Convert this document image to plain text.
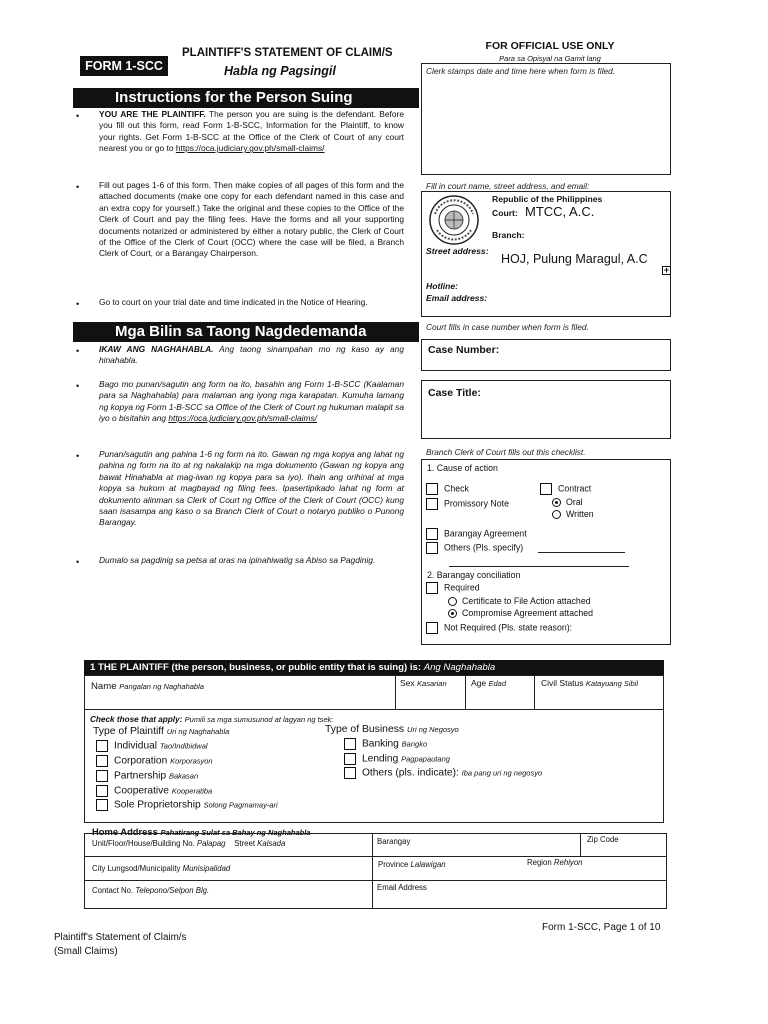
FORM 1-SCC
PLAINTIFF'S STATEMENT OF CLAIM/S
Habla ng Pagsingil
FOR OFFICIAL USE ONLY
Para sa Opisyal na Gamit lang
Instructions for the Person Suing
• YOU ARE THE PLAINTIFF. The person you are suing is the defendant. Before you fill out this form, read Form 1-B-SCC, Information for the Plaintiff, to know your rights. Get Form 1-B-SCC at the Office of the Clerk of Court of any court nearest you or go to https://oca.judiciary.gov.ph/small-claims/
• Fill out pages 1-6 of this form. Then make copies of all pages of this form and the attached documents (make one copy for each defendant named in this case and an extra copy for yourself.) Take the original and these copies to the Office of the Clerk of Court and pay the filing fees. Have the forms and all your supporting documents notarized or administered by either a notary public, the Clerk of Court of the Office of the Clerk of Court (OCC) where the case will be filed, a Branch Clerk of Court, or a Barangay Chairperson.
• Go to court on your trial date and time indicated in the Notice of Hearing.
Mga Bilin sa Taong Nagdedemanda
• IKAW ANG NAGHAHABLA. Ang taong sinampahan mo ng kaso ay ang hinahabla.
• Bago mo punan/sagutin ang form na ito, basahin ang Form 1-B-SCC (Kaalaman para sa Naghahabla) para malaman ang iyong mga karapatan. Kumuha lamang ng kopya ng Form 1-B-SCC sa Office of the Clerk of Court ng hukuman malapit sa iyo o bisitahin ang https://oca.judiciary.gov.ph/small-claims/
• Punan/sagutin ang pahina 1-6 ng form na ito. Gawan ng mga kopya ang lahat ng pahina ng form na ito at ng nakalakip na mga dokumento (Gawan ng kopya ang bawat Hinahabla at mag-iwan ng kopya para sa iyo). Ihain ang orihinal at mga kopya sa hukom at magbayad ng filing fees. Ipasertipikado lahat ng form at dokumento alinman sa Clerk of Court ng Office of the Clerk of Court (OCC) kung saan isasampa ang kaso o sa Branch Clerk of Court o notaryo publiko o Punong Barangay.
• Dumalo sa pagdinig sa petsa at oras na ipinahiwatig sa Abiso sa Pagdinig.
Clerk stamps date and time here when form is filed.
Fill in court name, street address, and email:
Republic of the Philippines
Court: MTCC, A.C.
Branch:
Street address:
HOJ, Pulung Maragul, A.C
+
Hotline:
Email address:
Court fills in case number when form is filed.
Case Number:
Case Title:
Branch Clerk of Court fills out this checklist.
1. Cause of action
Check
Promissory Note
Contract
Oral
Written
Barangay Agreement
Others (Pls. specify)
2. Barangay conciliation
Required
Certificate to File Action attached
Compromise Agreement attached
Not Required (Pls. state reason):
1 THE PLAINTIFF (the person, business, or public entity that is suing) is: Ang Naghahabla
Name Pangalan ng Naghahabla	Sex Kasarian	Age Edad	Civil Status Katayuang Sibil
Check those that apply: Pumili sa mga sumusunod at lagyan ng tsek:
Type of Plaintiff Uri ng Naghahabla
Individual Tao/Indibidwal
Corporation Korporasyon
Partnership Bakasan
Cooperative Kooperatiba
Sole Proprietorship Solong Pagmamay-ari
Type of Business Uri ng Negosyo
Banking Bangko
Lending Pagpapautang
Others (pls. indicate): Iba pang uri ng negosyo
Home Address Pahatirang Sulat sa Bahay ng Naghahabla
Unit/Floor/House/Building No. Palapag Street Kalsada	Barangay	Zip Code
City Lungsod/Municipality Munisipalidad	Province Lalawigan	Region Rehiyon
Contact No. Telepono/Selpon Blg.	Email Address
Plaintiff's Statement of Claim/s
(Small Claims)
Form 1-SCC, Page 1 of 10
